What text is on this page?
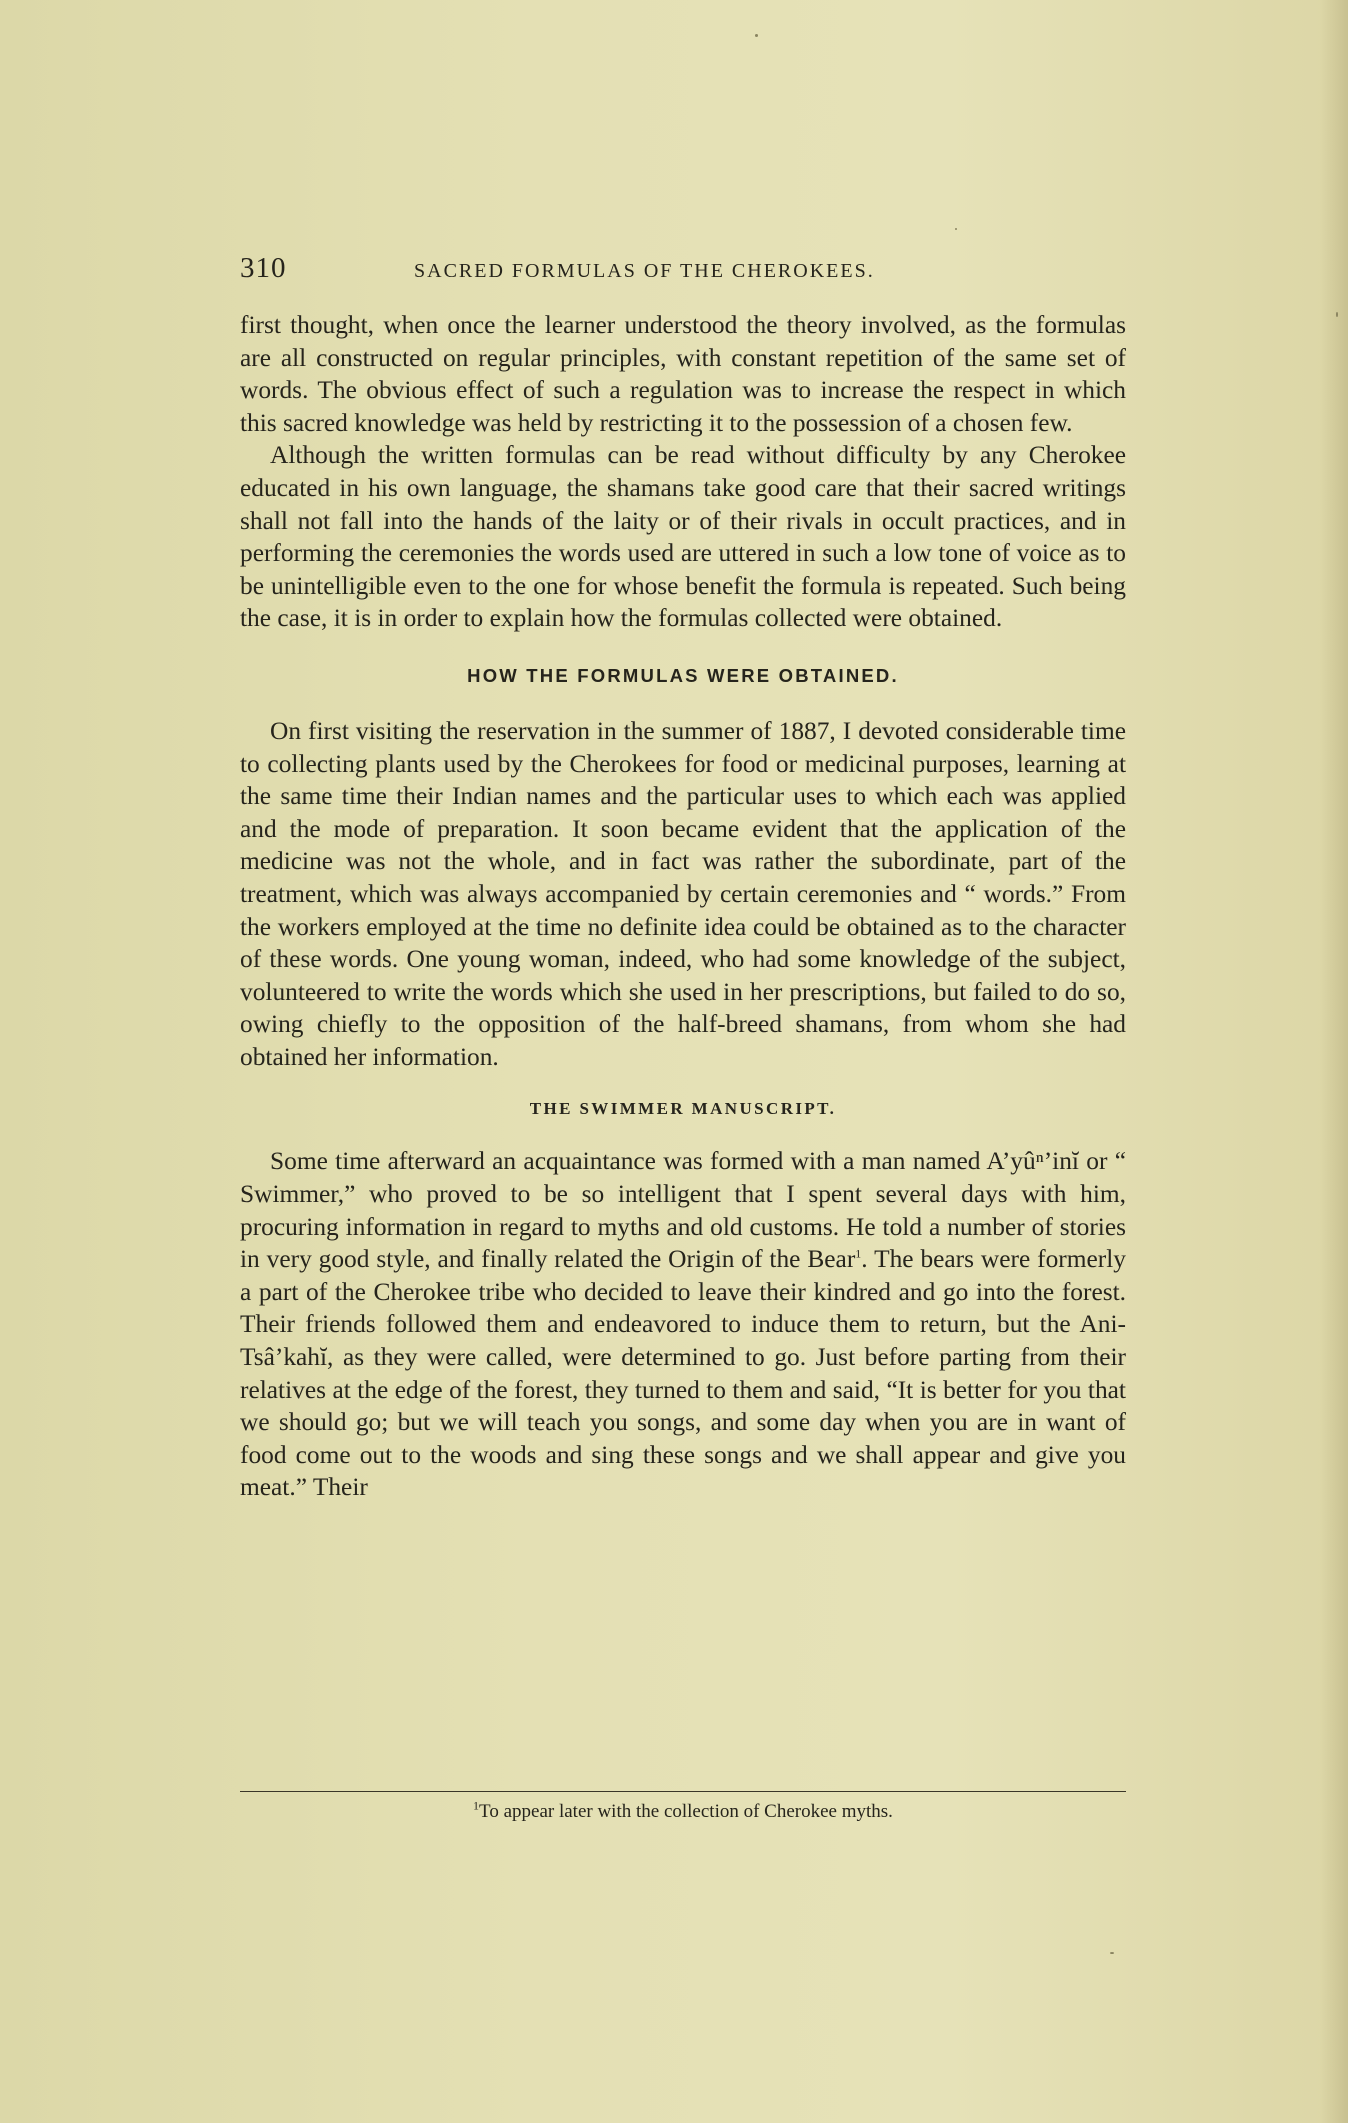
310	SACRED FORMULAS OF THE CHEROKEES.

first thought, when once the learner understood the theory involved, as the formulas are all constructed on regular principles, with constant repetition of the same set of words. The obvious effect of such a regulation was to increase the respect in which this sacred knowledge was held by restricting it to the possession of a chosen few.

Although the written formulas can be read without difficulty by any Cherokee educated in his own language, the shamans take good care that their sacred writings shall not fall into the hands of the laity or of their rivals in occult practices, and in performing the ceremonies the words used are uttered in such a low tone of voice as to be unintelligible even to the one for whose benefit the formula is repeated. Such being the case, it is in order to explain how the formulas collected were obtained.

HOW THE FORMULAS WERE OBTAINED.

On first visiting the reservation in the summer of 1887, I devoted considerable time to collecting plants used by the Cherokees for food or medicinal purposes, learning at the same time their Indian names and the particular uses to which each was applied and the mode of preparation. It soon became evident that the application of the medicine was not the whole, and in fact was rather the subordinate, part of the treatment, which was always accompanied by certain ceremonies and “ words.” From the workers employed at the time no definite idea could be obtained as to the character of these words. One young woman, indeed, who had some knowledge of the subject, volunteered to write the words which she used in her prescriptions, but failed to do so, owing chiefly to the opposition of the half-breed shamans, from whom she had obtained her information.

THE SWIMMER MANUSCRIPT.

Some time afterward an acquaintance was formed with a man named A’yûⁿ’inĭ or “ Swimmer,” who proved to be so intelligent that I spent several days with him, procuring information in regard to myths and old customs. He told a number of stories in very good style, and finally related the Origin of the Bear$^1$. The bears were formerly a part of the Cherokee tribe who decided to leave their kindred and go into the forest. Their friends followed them and endeavored to induce them to return, but the Ani-Tsâ’kahĭ, as they were called, were determined to go. Just before parting from their relatives at the edge of the forest, they turned to them and said, “It is better for you that we should go; but we will teach you songs, and some day when you are in want of food come out to the woods and sing these songs and we shall appear and give you meat.” Their

$^1$To appear later with the collection of Cherokee myths.
